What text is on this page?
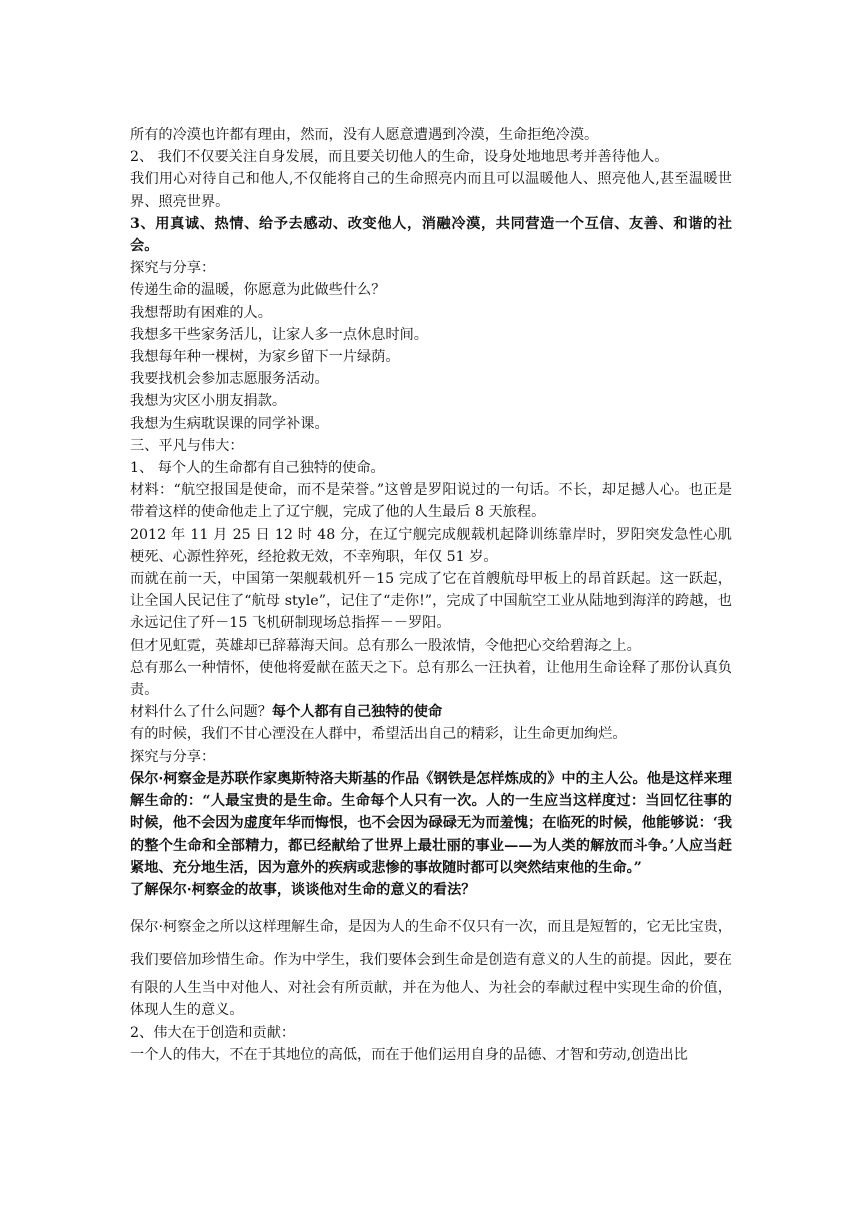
所有的冷漠也许都有理由，然而，没有人愿意遭遇到冷漠，生命拒绝冷漠。

2、 我们不仅要关注自身发展，而且要关切他人的生命，设身处地地思考并善待他人。

我们用心对待自己和他人,不仅能将自己的生命照亮内而且可以温暖他人、照亮他人,甚至温暖世界、照亮世界。

3、用真诚、热情、给予去感动、改变他人，消融冷漠，共同营造一个互信、友善、和谐的社会。

探究与分享：

传递生命的温暖，你愿意为此做些什么？

我想帮助有困难的人。

我想多干些家务活儿，让家人多一点休息时间。

我想每年种一棵树，为家乡留下一片绿荫。

我要找机会参加志愿服务活动。

我想为灾区小朋友捐款。

我想为生病耽误课的同学补课。

三、平凡与伟大：

1、 每个人的生命都有自己独特的使命。

材料：“航空报国是使命，而不是荣誉。”这曾是罗阳说过的一句话。不长，却足撼人心。也正是带着这样的使命他走上了辽宁舰，完成了他的人生最后 8 天旅程。

2012 年 11 月 25 日 12 时 48 分，在辽宁舰完成舰载机起降训练靠岸时，罗阳突发急性心肌梗死、心源性猝死，经抢救无效，不幸殉职，年仅 51 岁。

而就在前一天，中国第一架舰载机歼－15 完成了它在首艘航母甲板上的昂首跃起。这一跃起，让全国人民记住了“航母 style”，记住了“走你!”，完成了中国航空工业从陆地到海洋的跨越，也永远记住了歼－15 飞机研制现场总指挥－－罗阳。

但才见虹霓，英雄却已辞幕海天间。总有那么一股浓情，令他把心交给碧海之上。

总有那么一种情怀，使他将爱献在蓝天之下。总有那么一汪执着，让他用生命诠释了那份认真负责。

材料什么了什么问题？每个人都有自己独特的使命

有的时候，我们不甘心湮没在人群中，希望活出自己的精彩，让生命更加绚烂。

探究与分享：

保尔·柯察金是苏联作家奥斯特洛夫斯基的作品《钢铁是怎样炼成的》中的主人公。他是这样来理解生命的：“人最宝贵的是生命。生命每个人只有一次。人的一生应当这样度过：当回忆往事的时候，他不会因为虚度年华而悔恨，也不会因为碌碌无为而羞愧；在临死的时候，他能够说：‘我的整个生命和全部精力，都已经献给了世界上最壮丽的事业——为人类的解放而斗争。’人应当赶紧地、充分地生活，因为意外的疾病或悲惨的事故随时都可以突然结束他的生命。”

了解保尔·柯察金的故事，谈谈他对生命的意义的看法？

保尔·柯察金之所以这样理解生命，是因为人的生命不仅只有一次，而且是短暂的，它无比宝贵，我们要倍加珍惜生命。作为中学生，我们要体会到生命是创造有意义的人生的前提。因此，要在有限的人生当中对他人、对社会有所贡献，并在为他人、为社会的奉献过程中实现生命的价值，体现人生的意义。

2、伟大在于创造和贡献：

一个人的伟大，不在于其地位的高低，而在于他们运用自身的品德、才智和劳动,创造出比
